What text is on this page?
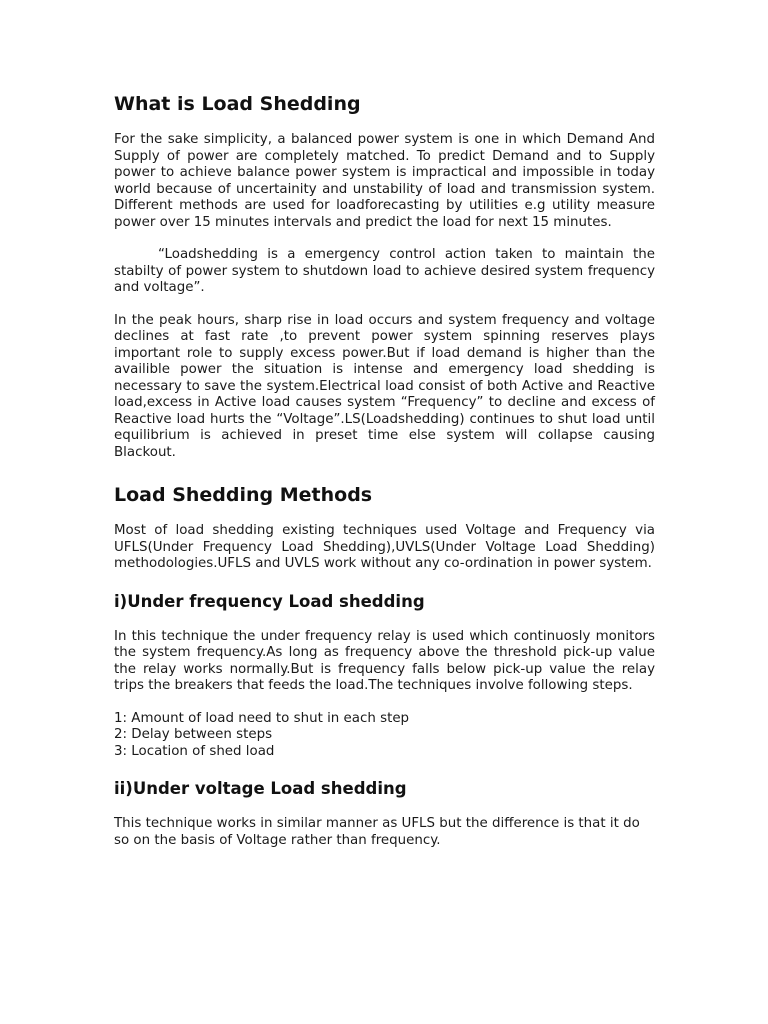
What is Load Shedding

For the sake simplicity, a balanced power system is one in which Demand And Supply of power are completely matched. To predict Demand and to Supply power to achieve balance power system is impractical and impossible in today world because of uncertainity and unstability of load and transmission system. Different methods are used for loadforecasting by utilities e.g utility measure power over 15 minutes intervals and predict the load for next 15 minutes.

“Loadshedding is a emergency control action taken to maintain the stabilty of power system to shutdown load to achieve desired system frequency and voltage”.

In the peak hours, sharp rise in load occurs and system frequency and voltage declines at fast rate ,to prevent power system spinning reserves plays important role to supply excess power.But if load demand is higher than the availible power the situation is intense and emergency load shedding is necessary to save the system.Electrical load consist of both Active and Reactive load,excess in Active load causes system “Frequency” to decline and excess of Reactive load hurts the “Voltage”.LS(Loadshedding) continues to shut load until equilibrium is achieved in preset time else system will collapse causing Blackout.

Load Shedding Methods

Most of load shedding existing techniques used Voltage and Frequency via UFLS(Under Frequency Load Shedding),UVLS(Under Voltage Load Shedding) methodologies.UFLS and UVLS work without any co-ordination in power system.

i)Under frequency Load shedding

In this technique the under frequency relay is used which continuosly monitors the system frequency.As long as frequency above the threshold pick-up value the relay works normally.But is frequency falls below pick-up value the relay trips the breakers that feeds the load.The techniques involve following steps.

1: Amount of load need to shut in each step
2: Delay between steps
3: Location of shed load
ii)Under voltage Load shedding

This technique works in similar manner as UFLS but the difference is that it do so on the basis of Voltage rather than frequency.
